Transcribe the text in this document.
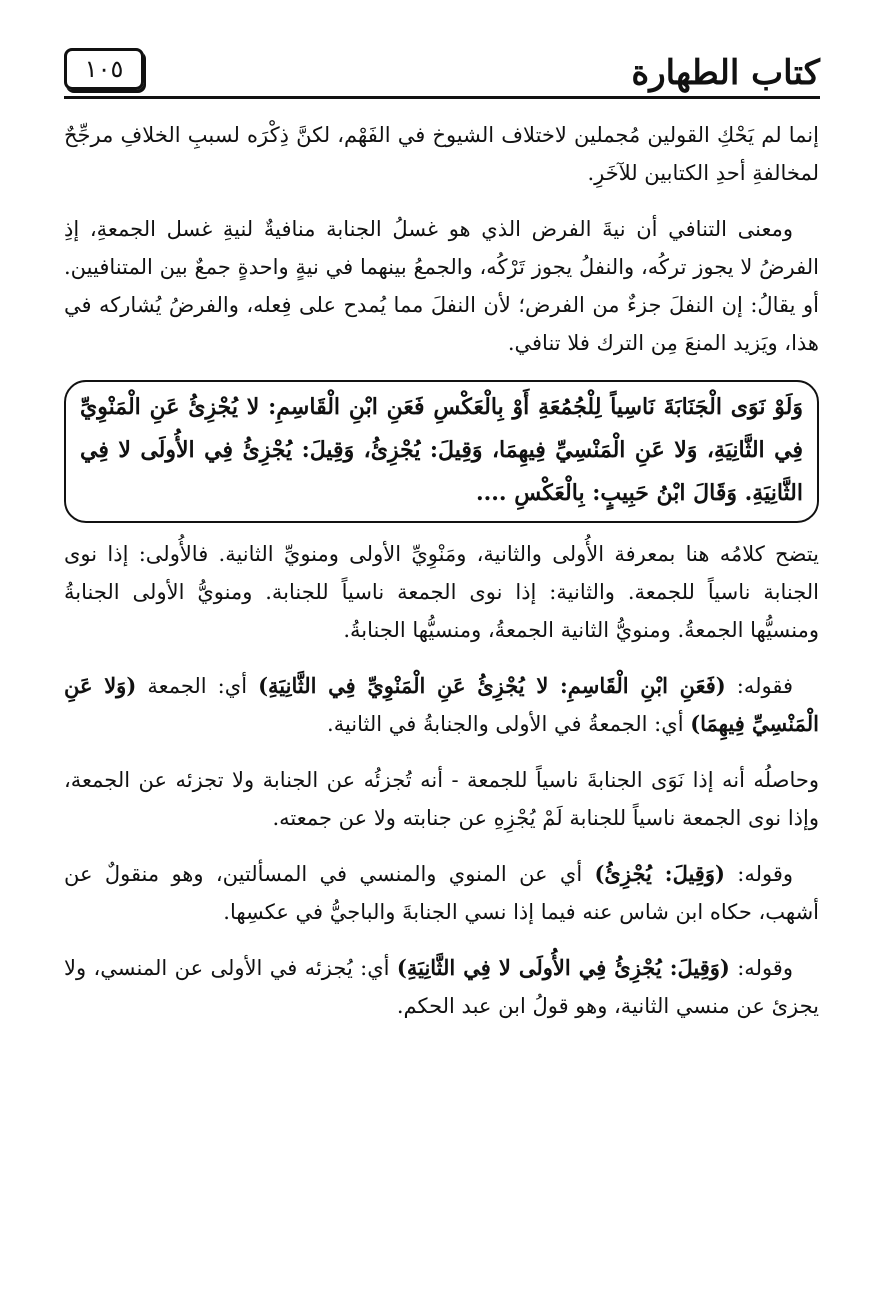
كتاب الطهارة
١٠٥

إنما لم يَحْكِ القولين مُجملين لاختلاف الشيوخ في الفَهْم، لكنَّ ذِكْرَه لسببِ الخلافِ مرجِّحٌ لمخالفةِ أحدِ الكتابين للآخَرِ.

ومعنى التنافي أن نيةَ الفرض الذي هو غسلُ الجنابة منافيةٌ لنيةِ غسل الجمعةِ، إذِ الفرضُ لا يجوز تركُه، والنفلُ يجوز تَرْكُه، والجمعُ بينهما في نيةٍ واحدةٍ جمعٌ بين المتنافيين. أو يقالُ: إن النفلَ جزءٌ من الفرض؛ لأن النفلَ مما يُمدح على فِعله، والفرضُ يُشاركه في هذا، ويَزيد المنعَ مِن الترك فلا تنافي.

وَلَوْ نَوَى الْجَنَابَةَ نَاسِياً لِلْجُمُعَةِ أَوْ بِالْعَكْسِ فَعَنِ ابْنِ الْقَاسِمِ: لا يُجْزِئُ عَنِ الْمَنْوِيِّ فِي الثَّانِيَةِ، وَلا عَنِ الْمَنْسِيِّ فِيهِمَا، وَقِيلَ: يُجْزِئُ، وَقِيلَ: يُجْزِئُ فِي الأُولَى لا فِي الثَّانِيَةِ. وَقَالَ ابْنُ حَبِيبٍ: بِالْعَكْسِ ....

يتضح كلامُه هنا بمعرفة الأُولى والثانية، ومَنْوِيِّ الأولى ومنويِّ الثانية. فالأُولى: إذا نوى الجنابة ناسياً للجمعة. والثانية: إذا نوى الجمعة ناسياً للجنابة. ومنويُّ الأولى الجنابةُ ومنسيُّها الجمعةُ. ومنويُّ الثانية الجمعةُ، ومنسيُّها الجنابةُ.

فقوله: (فَعَنِ ابْنِ الْقَاسِمِ: لا يُجْزِئُ عَنِ الْمَنْوِيِّ فِي الثَّانِيَةِ) أي: الجمعة (وَلا عَنِ الْمَنْسِيِّ فِيهِمَا) أي: الجمعةُ في الأولى والجنابةُ في الثانية.

وحاصلُه أنه إذا نَوَى الجنابةَ ناسياً للجمعة - أنه تُجزئُه عن الجنابة ولا تجزئه عن الجمعة، وإذا نوى الجمعة ناسياً للجنابة لَمْ يُجْزِهِ عن جنابته ولا عن جمعته.

وقوله: (وَقِيلَ: يُجْزِئُ) أي عن المنوي والمنسي في المسألتين، وهو منقولٌ عن أشهب، حكاه ابن شاس عنه فيما إذا نسي الجنابةَ والباجيُّ في عكسِها.

وقوله: (وَقِيلَ: يُجْزِئُ فِي الأُولَى لا فِي الثَّانِيَةِ) أي: يُجزئه في الأولى عن المنسي، ولا يجزئ عن منسي الثانية، وهو قولُ ابن عبد الحكم.
